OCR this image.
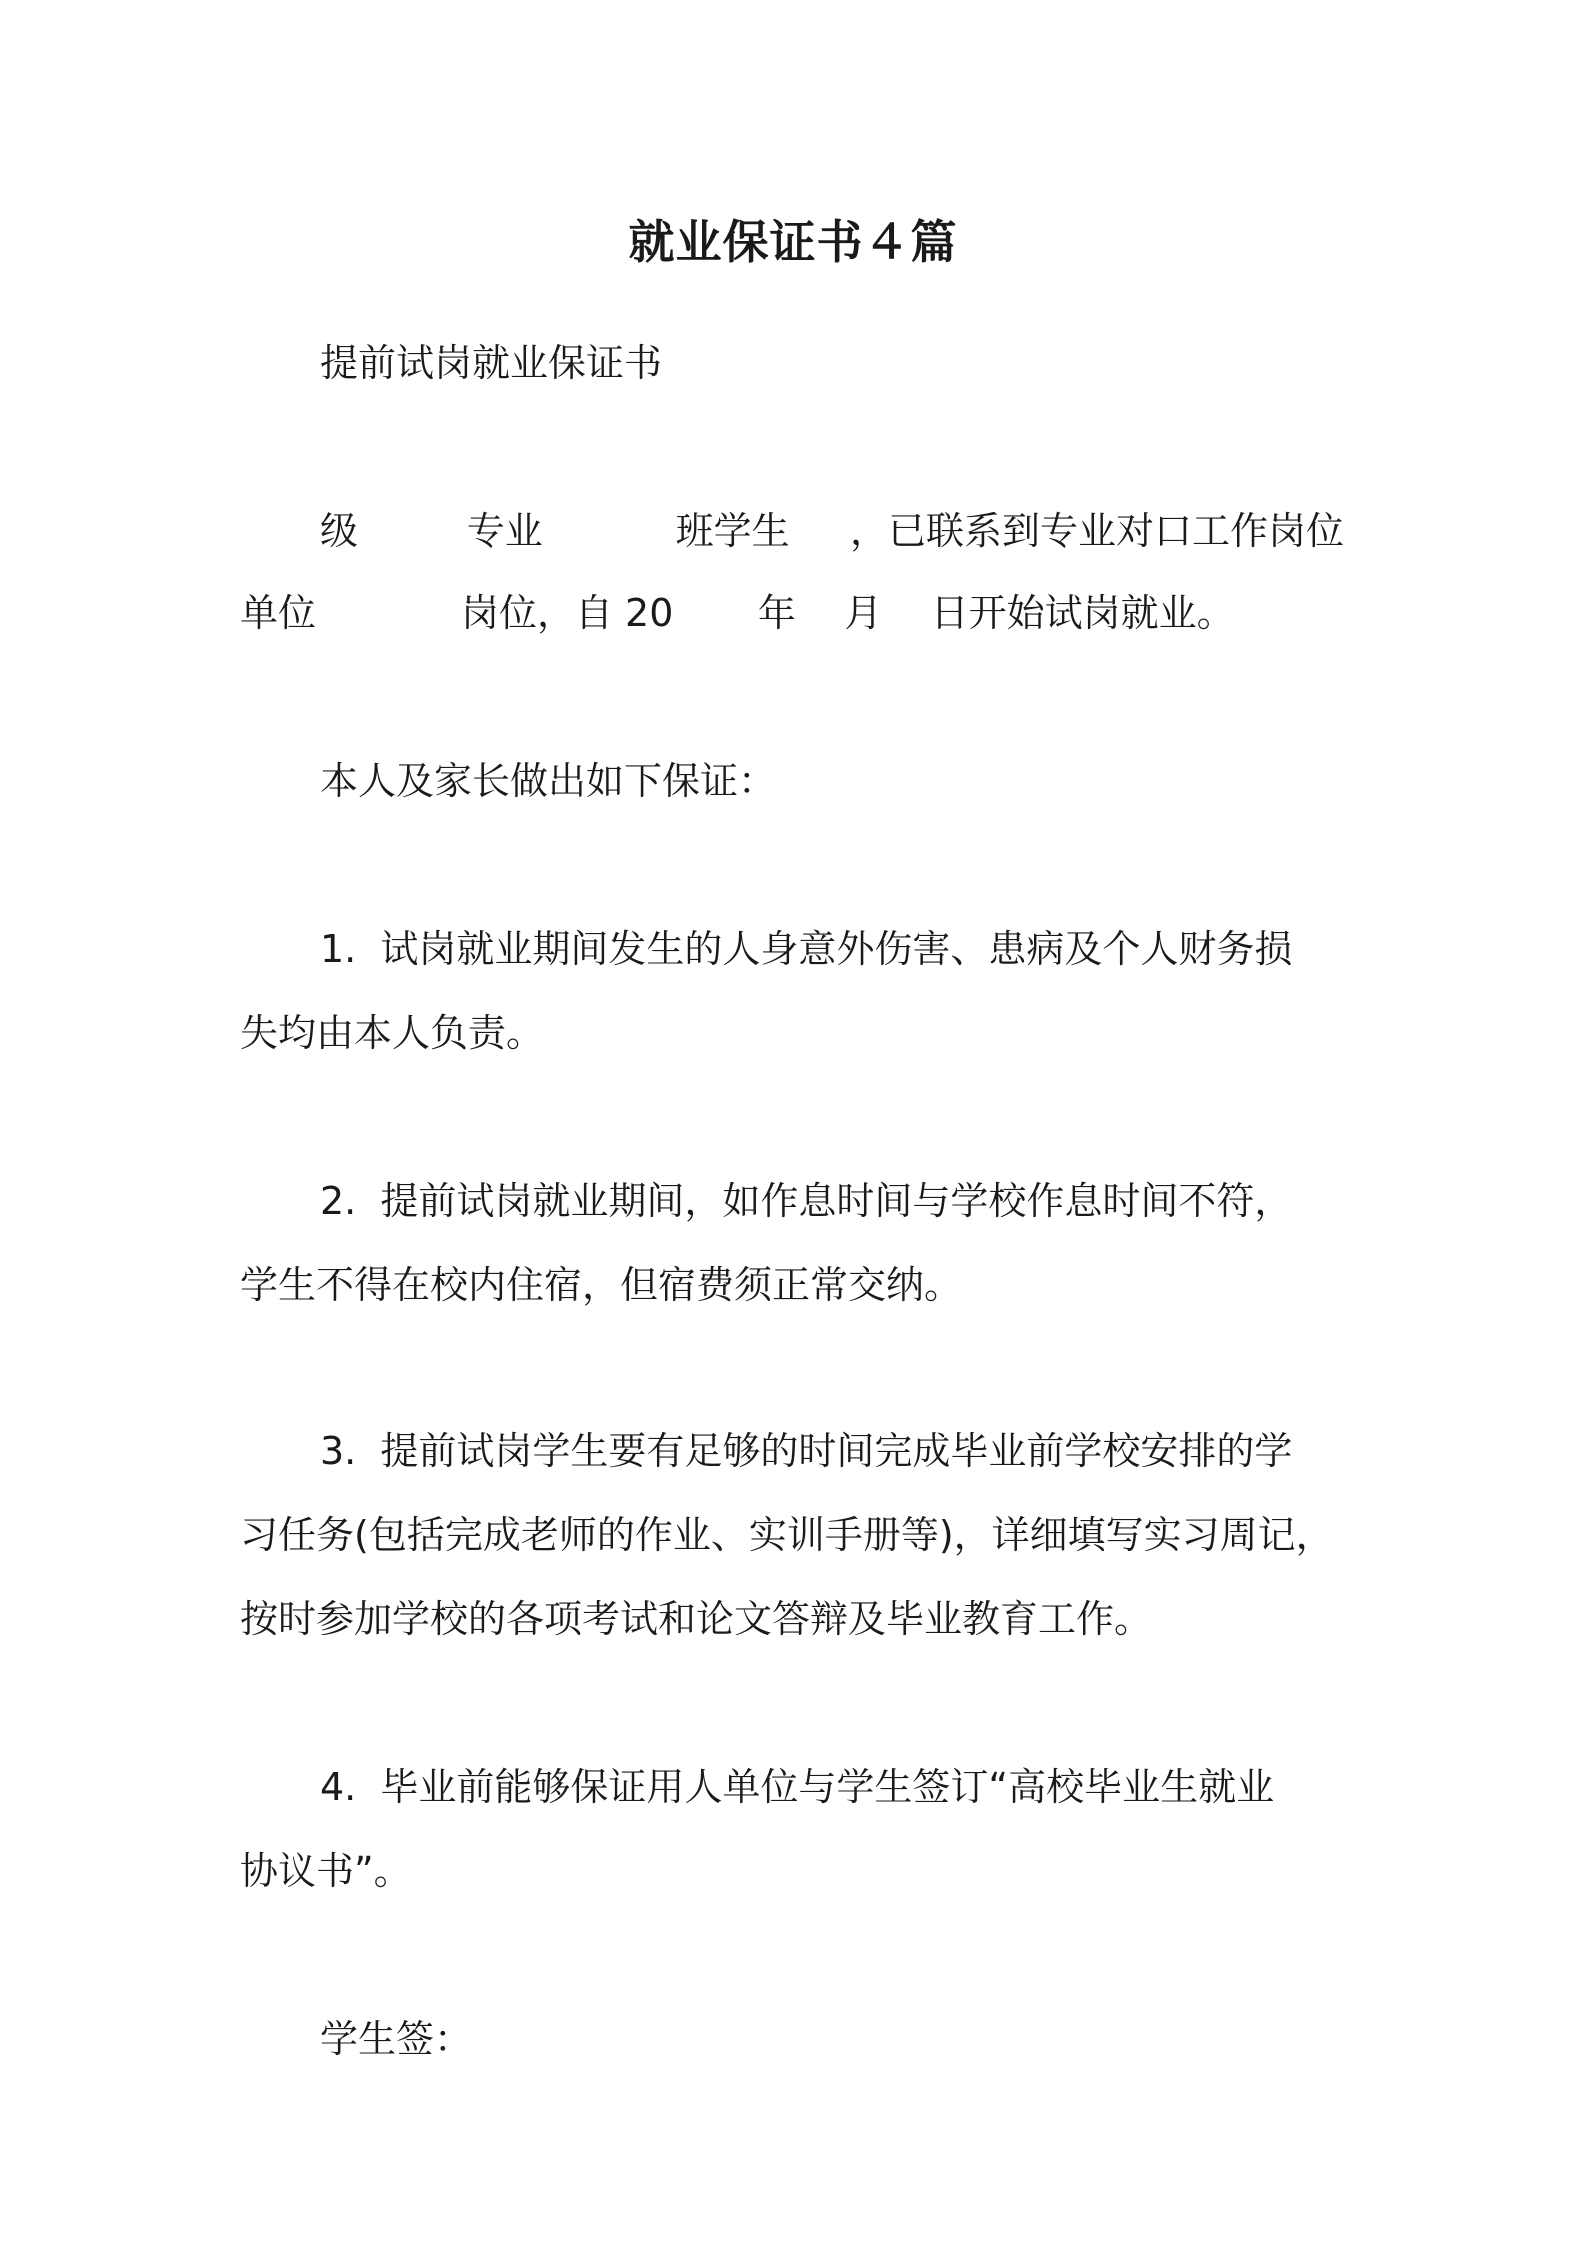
就业保证书４篇

提前试岗就业保证书

级         专业           班学生     ，已联系到专业对口工作岗位

单位            岗位，自 20       年    月    日开始试岗就业。

本人及家长做出如下保证：

1.  试岗就业期间发生的人身意外伤害、患病及个人财务损

失均由本人负责。

2.  提前试岗就业期间，如作息时间与学校作息时间不符，

学生不得在校内住宿，但宿费须正常交纳。

3.  提前试岗学生要有足够的时间完成毕业前学校安排的学

习任务(包括完成老师的作业、实训手册等)，详细填写实习周记，

按时参加学校的各项考试和论文答辩及毕业教育工作。

4.  毕业前能够保证用人单位与学生签订“高校毕业生就业

协议书”。

学生签：
